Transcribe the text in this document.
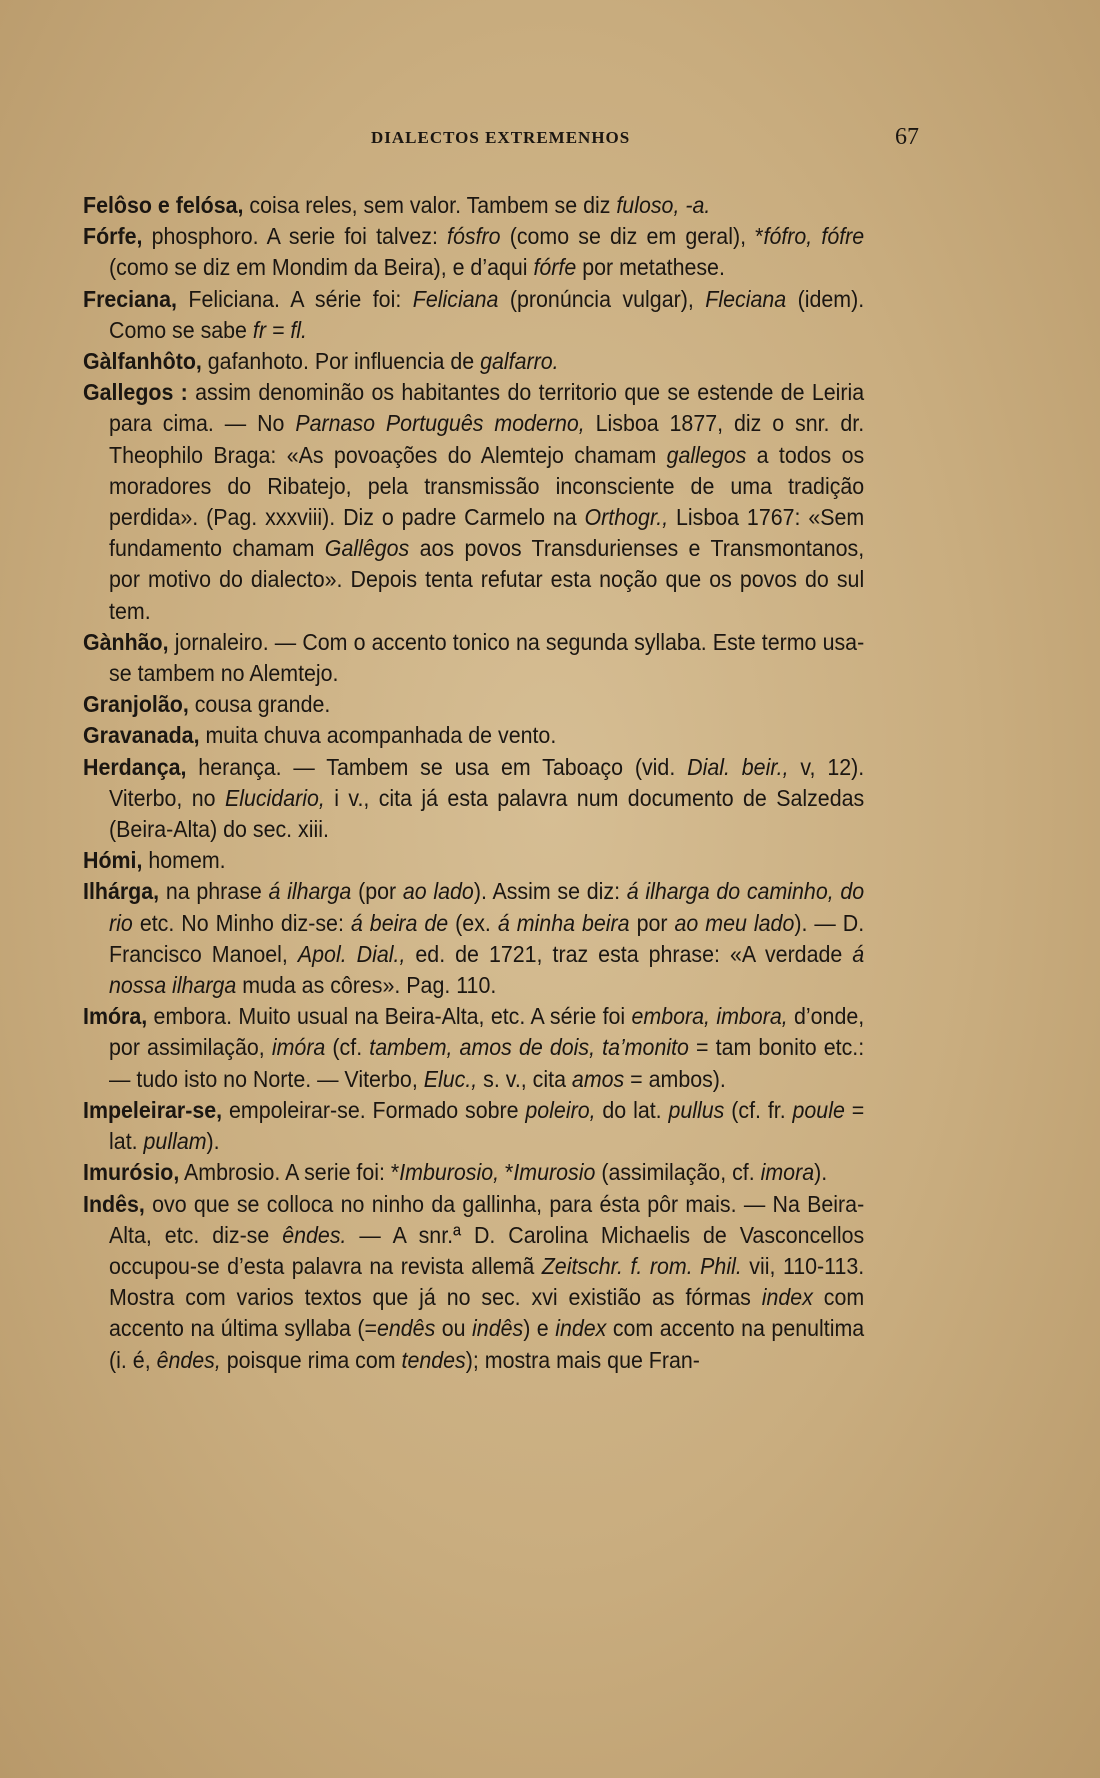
DIALECTOS EXTREMENHOS	67

Felôso e felósa, coisa reles, sem valor. Tambem se diz fuloso, -a.

Fórfe, phosphoro. A serie foi talvez: fósfro (como se diz em geral), *fófro, fófre (como se diz em Mondim da Beira), e d’aqui fórfe por metathese.

Freciana, Feliciana. A série foi: Feliciana (pronúncia vulgar), Fleciana (idem). Como se sabe fr = fl.

Gàlfanhôto, gafanhoto. Por influencia de galfarro.

Gallegos : assim denominão os habitantes do territorio que se estende de Leiria para cima. — No Parnaso Português moderno, Lisboa 1877, diz o snr. dr. Theophilo Braga: «As povoações do Alemtejo chamam gallegos a todos os moradores do Ribatejo, pela transmissão inconsciente de uma tradição perdida». (Pag. xxxviii). Diz o padre Carmelo na Orthogr., Lisboa 1767: «Sem fundamento chamam Gallêgos aos povos Transdurienses e Transmontanos, por motivo do dialecto». Depois tenta refutar esta noção que os povos do sul tem.

Gànhão, jornaleiro. — Com o accento tonico na segunda syllaba. Este termo usa-se tambem no Alemtejo.

Granjolão, cousa grande.

Gravanada, muita chuva acompanhada de vento.

Herdança, herança. — Tambem se usa em Taboaço (vid. Dial. beir., v, 12). Viterbo, no Elucidario, i v., cita já esta palavra num documento de Salzedas (Beira-Alta) do sec. xiii.

Hómi, homem.

Ilhárga, na phrase á ilharga (por ao lado). Assim se diz: á ilharga do caminho, do rio etc. No Minho diz-se: á beira de (ex. á minha beira por ao meu lado). — D. Francisco Manoel, Apol. Dial., ed. de 1721, traz esta phrase: «A verdade á nossa ilharga muda as côres». Pag. 110.

Imóra, embora. Muito usual na Beira-Alta, etc. A série foi embora, imbora, d’onde, por assimilação, imóra (cf. tambem, amos de dois, ta’monito = tam bonito etc.: — tudo isto no Norte. — Viterbo, Eluc., s. v., cita amos = ambos).

Impeleirar-se, empoleirar-se. Formado sobre poleiro, do lat. pullus (cf. fr. poule = lat. pullam).

Imurósio, Ambrosio. A serie foi: *Imburosio, *Imurosio (assimilação, cf. imora).

Indês, ovo que se colloca no ninho da gallinha, para ésta pôr mais. — Na Beira-Alta, etc. diz-se êndes. — A snr.ª D. Carolina Michaelis de Vasconcellos occupou-se d’esta palavra na revista allemã Zeitschr. f. rom. Phil. vii, 110-113. Mostra com varios textos que já no sec. xvi existião as fórmas index com accento na última syllaba (=endês ou indês) e index com accento na penultima (i. é, êndes, poisque rima com tendes); mostra mais que Fran-
